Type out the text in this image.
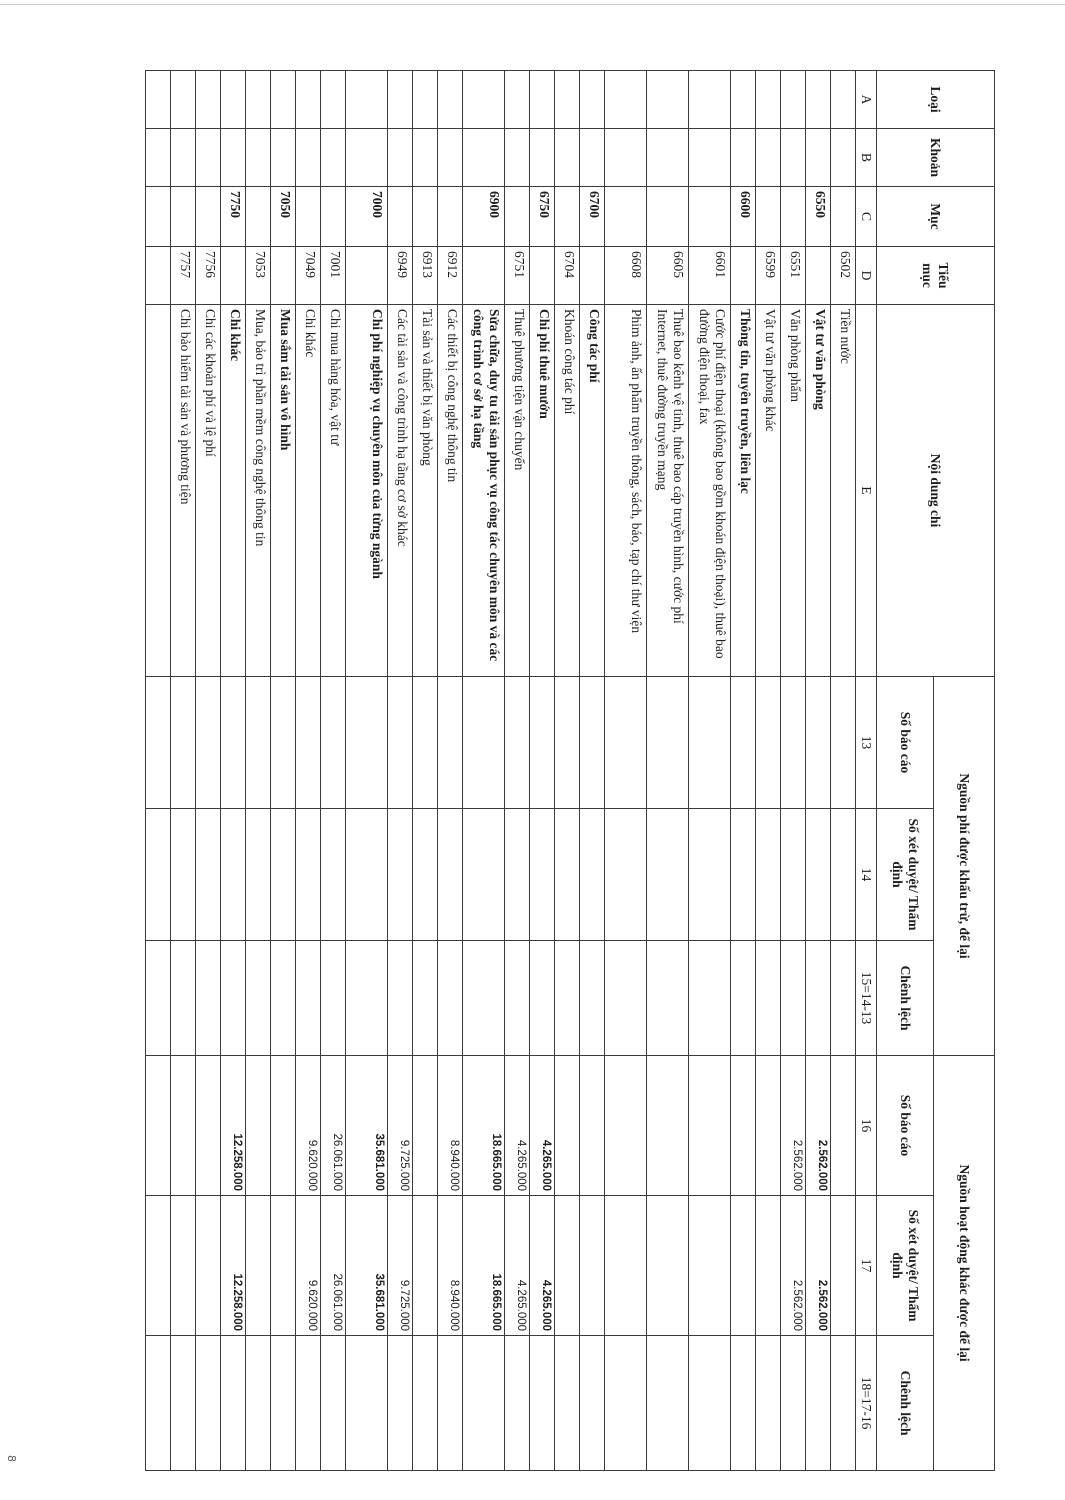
Loại	Khoản	Mục	Tiểu mục	Nội dung chi	Nguồn phí được khấu trừ, để lại			Nguồn hoạt động khác được để lại		
					Số báo cáo	Số xét duyệt/ Thẩm định	Chênh lệch	Số báo cáo	Số xét duyệt/ Thẩm định	Chênh lệch
A	B	C	D	E	13	14	15=14-13	16	17	18=17-16
			6502	Tiền nước						
		6550		Vật tư văn phòng				2.562.000	2.562.000	
			6551	Văn phòng phẩm				2.562.000	2.562.000	
			6599	Vật tư văn phòng khác						
		6600		Thông tin, tuyên truyền, liên lạc						
			6601	Cước phí điện thoại (không bao gồm khoán điện thoại), thuê bao đường điện thoại, fax						
			6605	Thuê bao kênh vệ tinh, thuê bao cáp truyền hình, cước phí Internet, thuê đường truyền mạng						
			6608	Phim ảnh, ấn phẩm truyền thông, sách, báo, tạp chí thư viện						
		6700		Công tác phí						
			6704	Khoán công tác phí						
		6750		Chi phí thuê mướn				4.265.000	4.265.000	
			6751	Thuê phương tiện vận chuyển				4.265.000	4.265.000	
		6900		Sửa chữa, duy tu tài sản phục vụ công tác chuyên môn và các công trình cơ sở hạ tầng				18.665.000	18.665.000	
			6912	Các thiết bị công nghệ thông tin				8.940.000	8.940.000	
			6913	Tài sản và thiết bị văn phòng						
			6949	Các tài sản và công trình hạ tầng cơ sở khác				9.725.000	9.725.000	
		7000		Chi phí nghiệp vụ chuyên môn của từng ngành				35.681.000	35.681.000	
			7001	Chi mua hàng hóa, vật tư				26.061.000	26.061.000	
			7049	Chi khác				9.620.000	9.620.000	
		7050		Mua sắm tài sản vô hình						
			7053	Mua, bảo trì phần mềm công nghệ thông tin						
		7750		Chi khác				12.258.000	12.258.000	
			7756	Chi các khoản phí và lệ phí						
			7757	Chi bảo hiểm tài sản và phương tiện						

8
